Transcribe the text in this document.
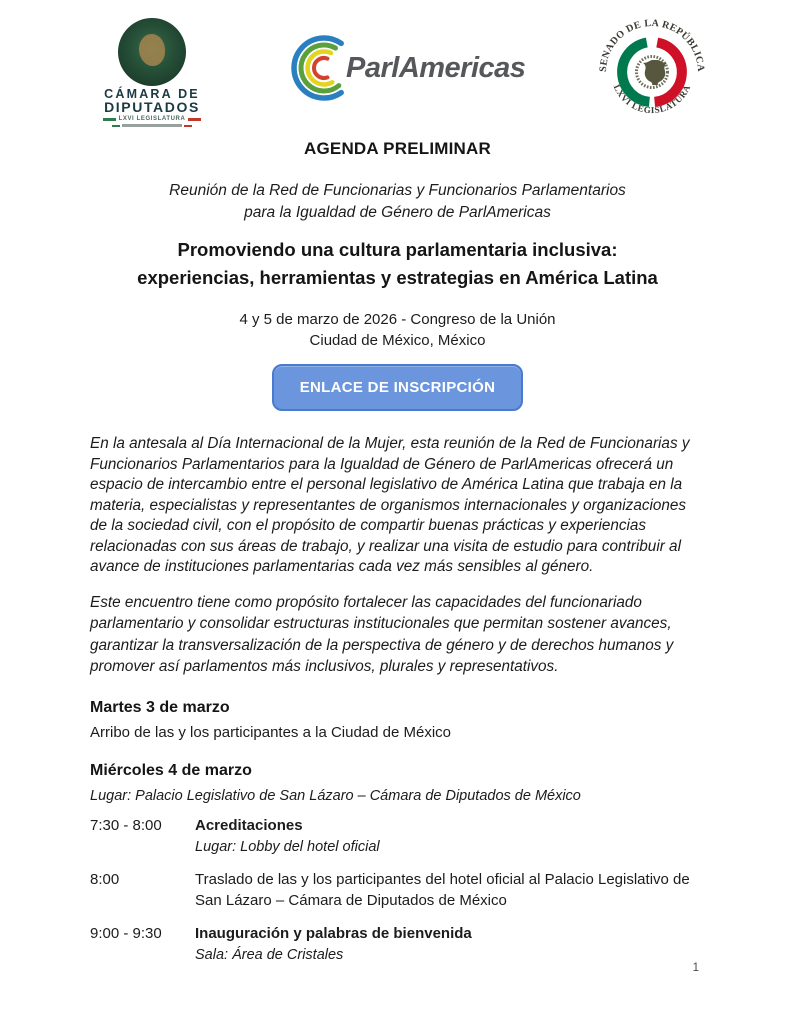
CÁMARA DE
DIPUTADOS
LXVI LEGISLATURA
ParlAmericas	SENADO DE LA REPÚBLICA
LXVI LEGISLATURA
AGENDA PRELIMINAR
Reunión de la Red de Funcionarias y Funcionarios Parlamentarios
para la Igualdad de Género de ParlAmericas
Promoviendo una cultura parlamentaria inclusiva:
experiencias, herramientas y estrategias en América Latina
4 y 5 de marzo de 2026 - Congreso de la Unión
Ciudad de México, México
ENLACE DE INSCRIPCIÓN

En la antesala al Día Internacional de la Mujer, esta reunión de la Red de Funcionarias y Funcionarios Parlamentarios para la Igualdad de Género de ParlAmericas ofrecerá un espacio de intercambio entre el personal legislativo de América Latina que trabaja en la materia, especialistas y representantes de organismos internacionales y organizaciones de la sociedad civil, con el propósito de compartir buenas prácticas y experiencias relacionadas con sus áreas de trabajo, y realizar una visita de estudio para contribuir al avance de instituciones parlamentarias cada vez más sensibles al género.

Este encuentro tiene como propósito fortalecer las capacidades del funcionariado parlamentario y consolidar estructuras institucionales que permitan sostener avances, garantizar la transversalización de la perspectiva de género y de derechos humanos y promover así parlamentos más inclusivos, plurales y representativos.

Martes 3 de marzo
Arribo de las y los participantes a la Ciudad de México
Miércoles 4 de marzo
Lugar: Palacio Legislativo de San Lázaro – Cámara de Diputados de México
7:30 - 8:00	Acreditaciones
Lugar: Lobby del hotel oficial
8:00	Traslado de las y los participantes del hotel oficial al Palacio Legislativo de San Lázaro – Cámara de Diputados de México
9:00 - 9:30	Inauguración y palabras de bienvenida
Sala: Área de Cristales
1
